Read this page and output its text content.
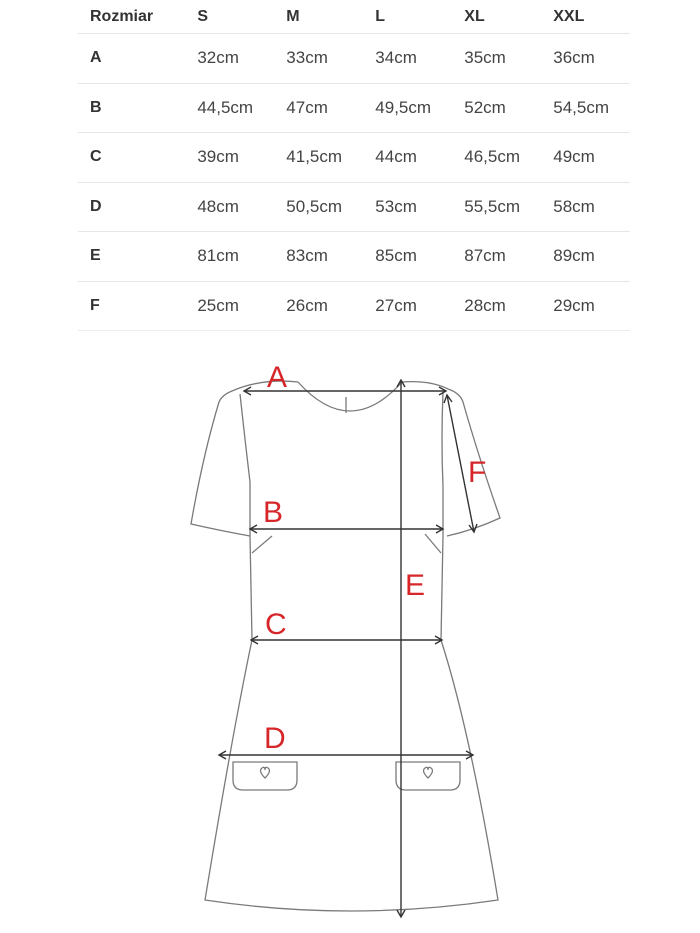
Rozmiar	S	M	L	XL	XXL
A	32cm	33cm	34cm	35cm	36cm
B	44,5cm	47cm	49,5cm	52cm	54,5cm
C	39cm	41,5cm	44cm	46,5cm	49cm
D	48cm	50,5cm	53cm	55,5cm	58cm
E	81cm	83cm	85cm	87cm	89cm
F	25cm	26cm	27cm	28cm	29cm
A
B
C
D
E
F
